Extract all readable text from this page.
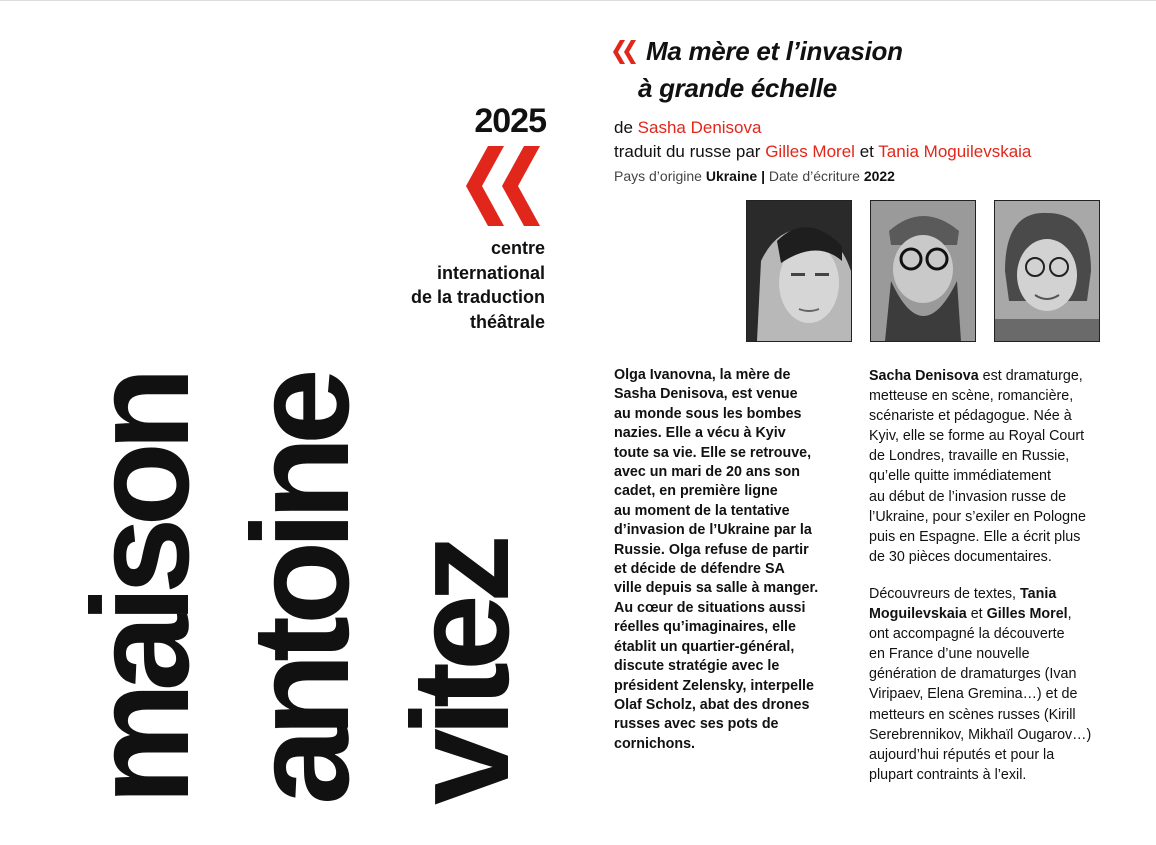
maison antoine vitez
2025
centre
international
de la traduction
théâtrale
Ma mère et l’invasion
à grande échelle
de Sasha Denisova
traduit du russe par Gilles Morel et Tania Moguilevskaia
Pays d’origine Ukraine | Date d’écriture 2022
Olga Ivanovna, la mère de
Sasha Denisova, est venue
au monde sous les bombes
nazies. Elle a vécu à Kyiv
toute sa vie. Elle se retrouve,
avec un mari de 20 ans son
cadet, en première ligne
au moment de la tentative
d’invasion de l’Ukraine par la
Russie. Olga refuse de partir
et décide de défendre SA
ville depuis sa salle à manger.
Au cœur de situations aussi
réelles qu’imaginaires, elle
établit un quartier-général,
discute stratégie avec le
président Zelensky, interpelle
Olaf Scholz, abat des drones
russes avec ses pots de
cornichons.
Sacha Denisova est dramaturge,
metteuse en scène, romancière,
scénariste et pédagogue. Née à
Kyiv, elle se forme au Royal Court
de Londres, travaille en Russie,
qu’elle quitte immédiatement
au début de l’invasion russe de
l’Ukraine, pour s’exiler en Pologne
puis en Espagne. Elle a écrit plus
de 30 pièces documentaires.
Découvreurs de textes, Tania
Moguilevskaia et Gilles Morel,
ont accompagné la découverte
en France d’une nouvelle
génération de dramaturges (Ivan
Viripaev, Elena Gremina…) et de
metteurs en scènes russes (Kirill
Serebrennikov, Mikhaïl Ougarov…)
aujourd’hui réputés et pour la
plupart contraints à l’exil.
